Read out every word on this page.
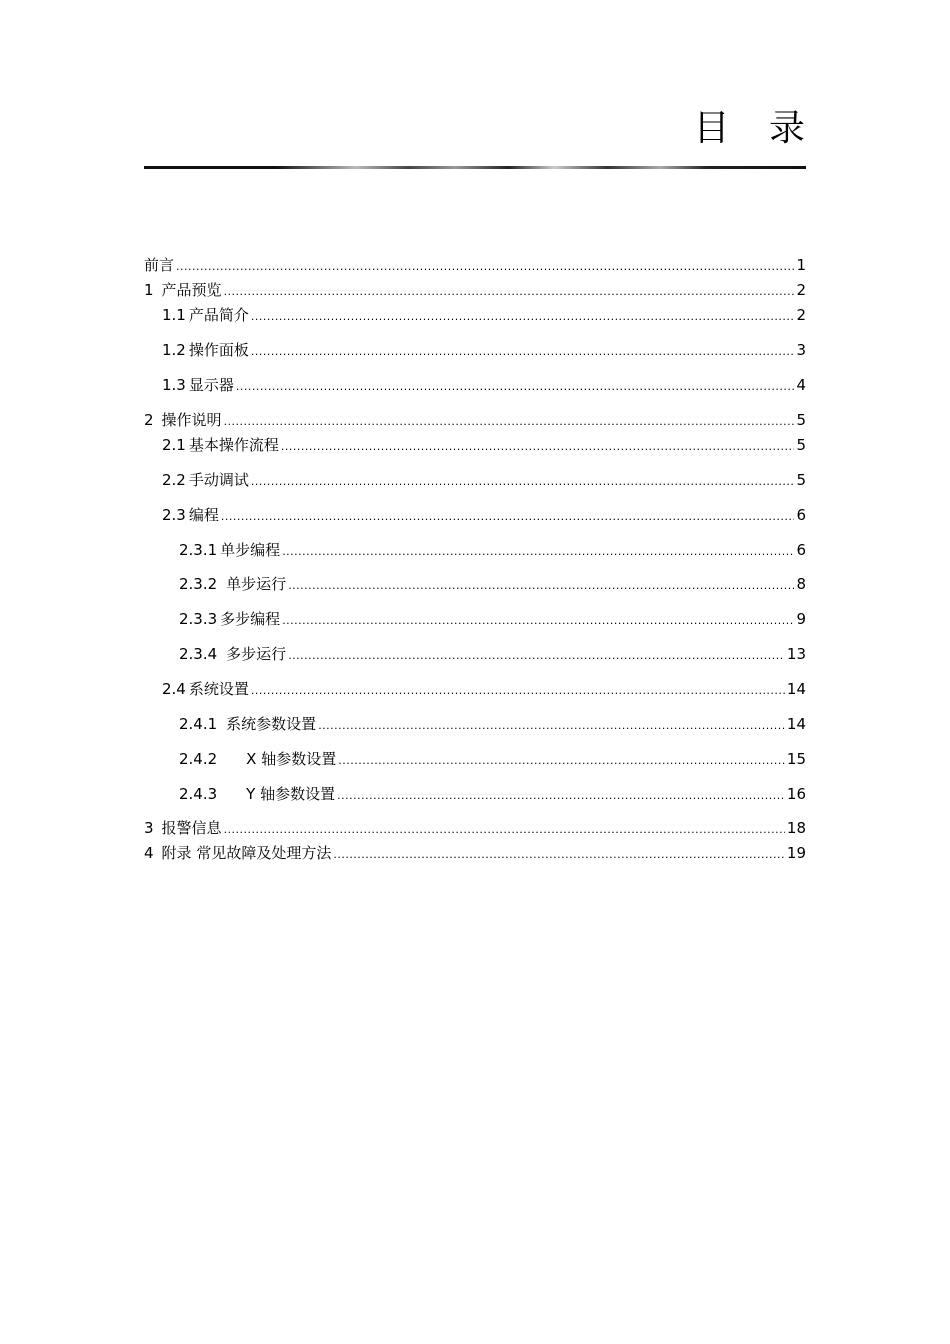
目 录
前言 .....	1
1 产品预览 .....	2
1.1 产品简介 .....	2
1.2 操作面板 .....	3
1.3 显示器 .....	4
2 操作说明 .....	5
2.1 基本操作流程 .....	5
2.2 手动调试 .....	5
2.3 编程 .....	6
2.3.1 单步编程 .....	6
2.3.2 单步运行 .....	8
2.3.3 多步编程 .....	9
2.3.4 多步运行 .....	13
2.4 系统设置 .....	14
2.4.1 系统参数设置 .....	14
2.4.2 X 轴参数设置 .....	15
2.4.3 Y 轴参数设置 .....	16
3 报警信息 .....	18
4 附录 常见故障及处理方法 .....	19
